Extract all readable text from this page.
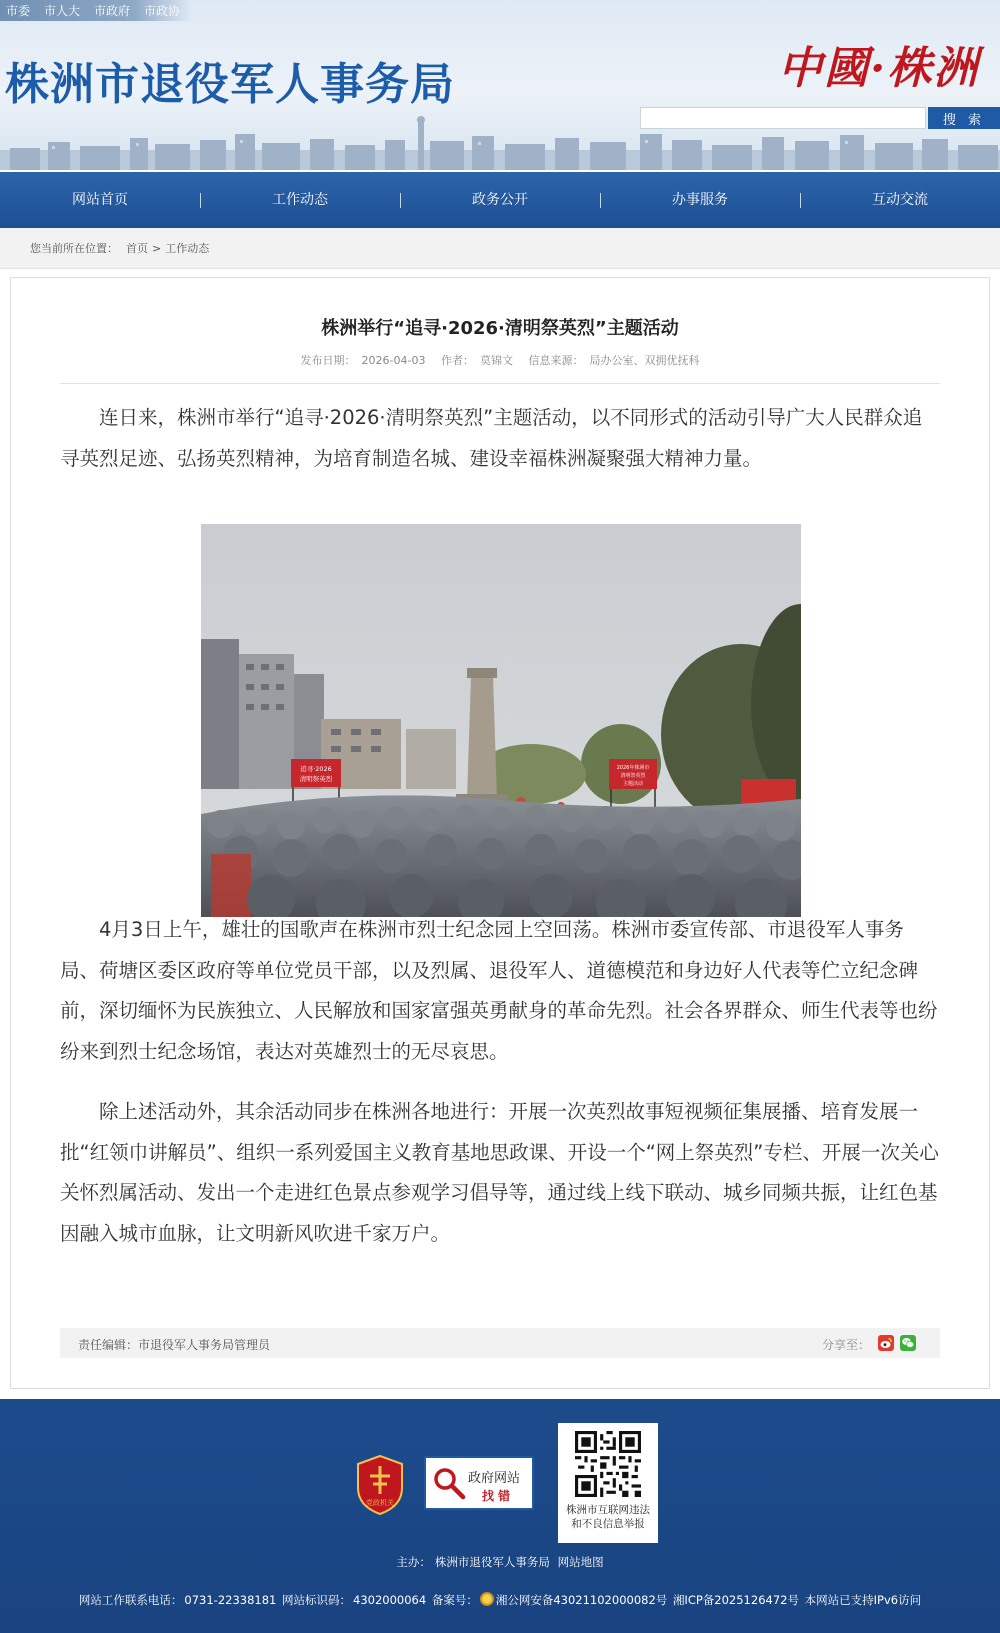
市委 市人大 市政府 市政协
株洲市退役军人事务局	中國·株洲
搜 索
网站首页	工作动态	政务公开	办事服务	互动交流
您当前所在位置： 首页 > 工作动态
株洲举行“追寻·2026·清明祭英烈”主题活动
发布日期： 2026-04-03 作者： 莫锦文 信息来源： 局办公室、双拥优抚科

连日来，株洲市举行“追寻·2026·清明祭英烈”主题活动，以不同形式的活动引导广大人民群众追寻英烈足迹、弘扬英烈精神，为培育制造名城、建设幸福株洲凝聚强大精神力量。

追寻·2026
清明祭英烈
2026年株洲市
清明祭英烈
主题活动

4月3日上午，雄壮的国歌声在株洲市烈士纪念园上空回荡。株洲市委宣传部、市退役军人事务局、荷塘区委区政府等单位党员干部，以及烈属、退役军人、道德模范和身边好人代表等伫立纪念碑前，深切缅怀为民族独立、人民解放和国家富强英勇献身的革命先烈。社会各界群众、师生代表等也纷纷来到烈士纪念场馆，表达对英雄烈士的无尽哀思。

除上述活动外，其余活动同步在株洲各地进行：开展一次英烈故事短视频征集展播、培育发展一批“红领巾讲解员”、组织一系列爱国主义教育基地思政课、开设一个“网上祭英烈”专栏、开展一次关心关怀烈属活动、发出一个走进红色景点参观学习倡导等，通过线上线下联动、城乡同频共振，让红色基因融入城市血脉，让文明新风吹进千家万户。

责任编辑：市退役军人事务局管理员	分享至：
党政机关
政府网站
找 错
株洲市互联网违法
和不良信息举报
主办： 株洲市退役军人事务局 网站地图
网站工作联系电话： 0731-22338181 网站标识码： 4302000064 备案号： 湘公网安备43021102000082号 湘ICP备2025126472号 本网站已支持IPv6访问
